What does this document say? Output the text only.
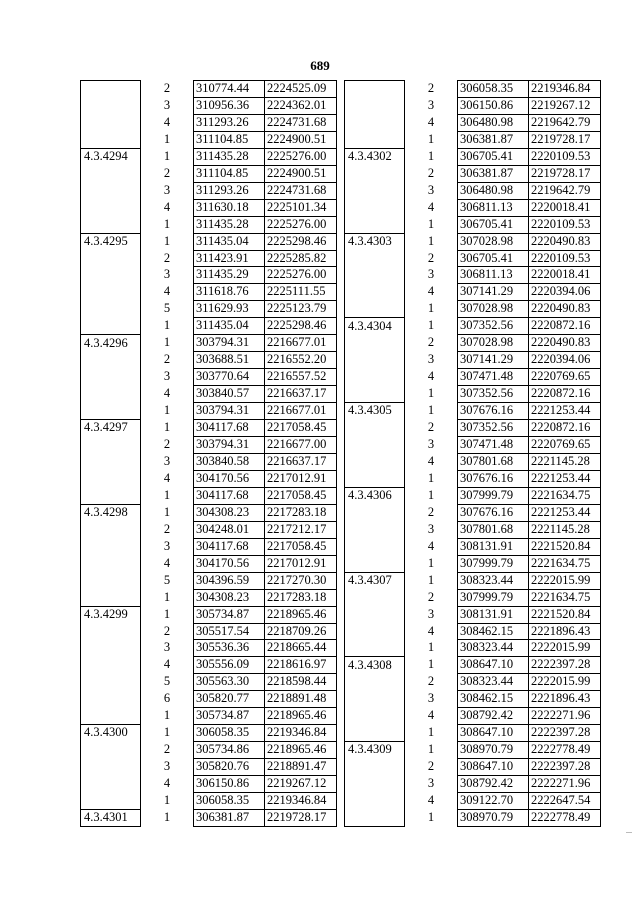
689
	2	310774.44	2224525.09
	3	310956.36	2224362.01
	4	311293.26	2224731.68
	1	311104.85	2224900.51
4.3.4294	1	311435.28	2225276.00
	2	311104.85	2224900.51
	3	311293.26	2224731.68
	4	311630.18	2225101.34
	1	311435.28	2225276.00
4.3.4295	1	311435.04	2225298.46
	2	311423.91	2225285.82
	3	311435.29	2225276.00
	4	311618.76	2225111.55
	5	311629.93	2225123.79
	1	311435.04	2225298.46
4.3.4296	1	303794.31	2216677.01
	2	303688.51	2216552.20
	3	303770.64	2216557.52
	4	303840.57	2216637.17
	1	303794.31	2216677.01
4.3.4297	1	304117.68	2217058.45
	2	303794.31	2216677.00
	3	303840.58	2216637.17
	4	304170.56	2217012.91
	1	304117.68	2217058.45
4.3.4298	1	304308.23	2217283.18
	2	304248.01	2217212.17
	3	304117.68	2217058.45
	4	304170.56	2217012.91
	5	304396.59	2217270.30
	1	304308.23	2217283.18
4.3.4299	1	305734.87	2218965.46
	2	305517.54	2218709.26
	3	305536.36	2218665.44
	4	305556.09	2218616.97
	5	305563.30	2218598.44
	6	305820.77	2218891.48
	1	305734.87	2218965.46
4.3.4300	1	306058.35	2219346.84
	2	305734.86	2218965.46
	3	305820.76	2218891.47
	4	306150.86	2219267.12
	1	306058.35	2219346.84
4.3.4301	1	306381.87	2219728.17
	2	306058.35	2219346.84
	3	306150.86	2219267.12
	4	306480.98	2219642.79
	1	306381.87	2219728.17
4.3.4302	1	306705.41	2220109.53
	2	306381.87	2219728.17
	3	306480.98	2219642.79
	4	306811.13	2220018.41
	1	306705.41	2220109.53
4.3.4303	1	307028.98	2220490.83
	2	306705.41	2220109.53
	3	306811.13	2220018.41
	4	307141.29	2220394.06
	1	307028.98	2220490.83
4.3.4304	1	307352.56	2220872.16
	2	307028.98	2220490.83
	3	307141.29	2220394.06
	4	307471.48	2220769.65
	1	307352.56	2220872.16
4.3.4305	1	307676.16	2221253.44
	2	307352.56	2220872.16
	3	307471.48	2220769.65
	4	307801.68	2221145.28
	1	307676.16	2221253.44
4.3.4306	1	307999.79	2221634.75
	2	307676.16	2221253.44
	3	307801.68	2221145.28
	4	308131.91	2221520.84
	1	307999.79	2221634.75
4.3.4307	1	308323.44	2222015.99
	2	307999.79	2221634.75
	3	308131.91	2221520.84
	4	308462.15	2221896.43
	1	308323.44	2222015.99
4.3.4308	1	308647.10	2222397.28
	2	308323.44	2222015.99
	3	308462.15	2221896.43
	4	308792.42	2222271.96
	1	308647.10	2222397.28
4.3.4309	1	308970.79	2222778.49
	2	308647.10	2222397.28
	3	308792.42	2222271.96
	4	309122.70	2222647.54
	1	308970.79	2222778.49
